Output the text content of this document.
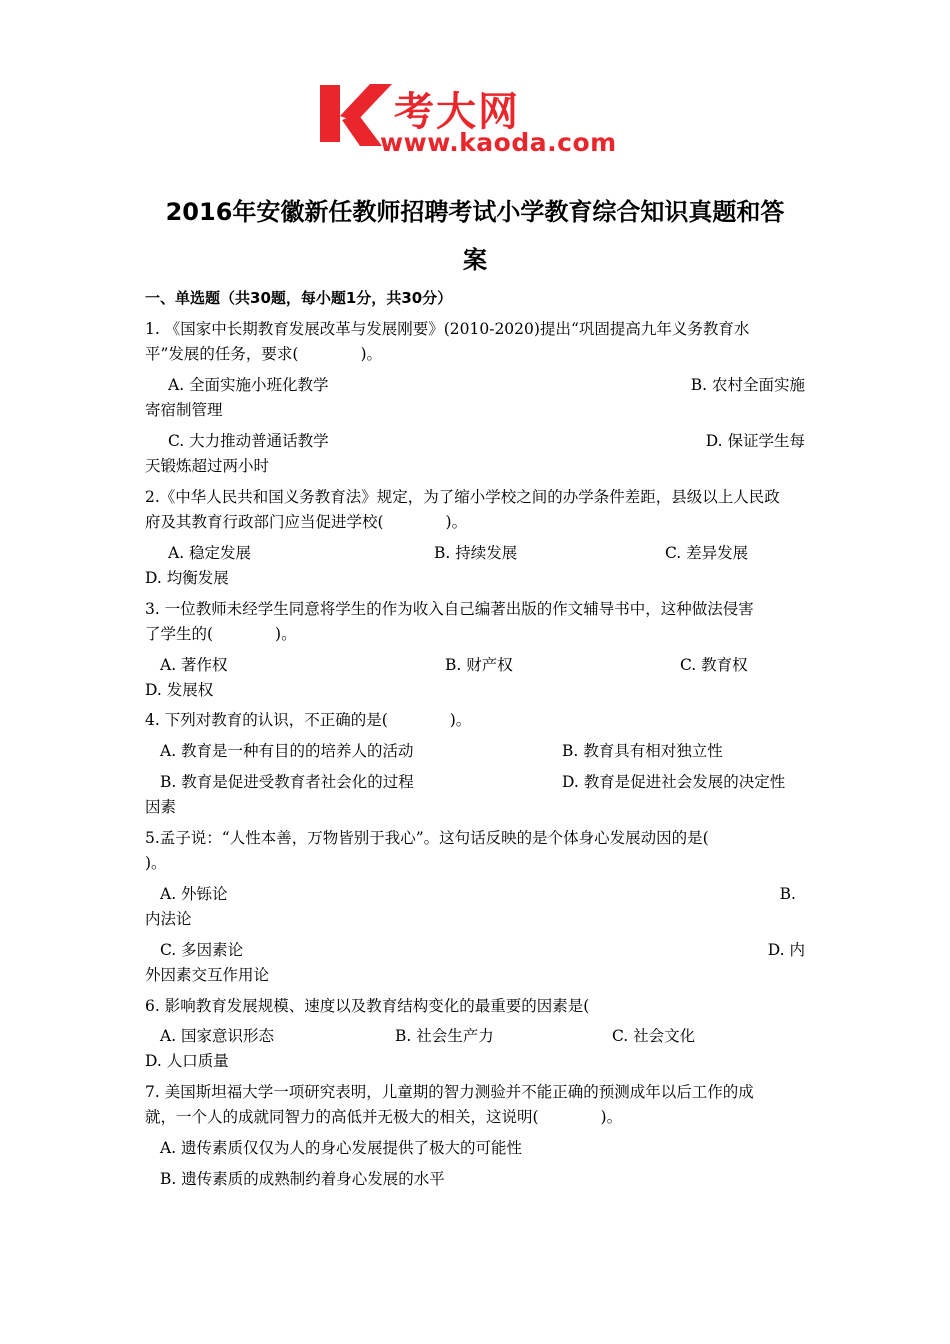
考大网
www.kaoda.com
2016年安徽新任教师招聘考试小学教育综合知识真题和答
案
一、单选题（共30题，每小题1分，共30分）
1. 《国家中长期教育发展改革与发展刚要》(2010-2020)提出“巩固提高九年义务教育水
平”发展的任务，要求(　　　　)。
A. 全面实施小班化教学	B. 农村全面实施
寄宿制管理
C. 大力推动普通话教学	D. 保证学生每
天锻炼超过两小时
2.《中华人民共和国义务教育法》规定，为了缩小学校之间的办学条件差距，县级以上人民政
府及其教育行政部门应当促进学校(　　　　)。
A. 稳定发展	B. 持续发展	C. 差异发展
D. 均衡发展
3. 一位教师未经学生同意将学生的作为收入自己编著出版的作文辅导书中，这种做法侵害
了学生的(　　　　)。
A. 著作权	B. 财产权	C. 教育权
D. 发展权
4. 下列对教育的认识，不正确的是(　　　　)。
A. 教育是一种有目的的培养人的活动	B. 教育具有相对独立性
B. 教育是促进受教育者社会化的过程	D. 教育是促进社会发展的决定性
因素
5.孟子说：“人性本善，万物皆别于我心”。这句话反映的是个体身心发展动因的是(
)。
A. 外铄论	B.
内法论
C. 多因素论	D. 内
外因素交互作用论
6. 影响教育发展规模、速度以及教育结构变化的最重要的因素是(
A. 国家意识形态	B. 社会生产力	C. 社会文化
D. 人口质量
7. 美国斯坦福大学一项研究表明，儿童期的智力测验并不能正确的预测成年以后工作的成
就，一个人的成就同智力的高低并无极大的相关，这说明(　　　　)。
A. 遗传素质仅仅为人的身心发展提供了极大的可能性
B. 遗传素质的成熟制约着身心发展的水平
